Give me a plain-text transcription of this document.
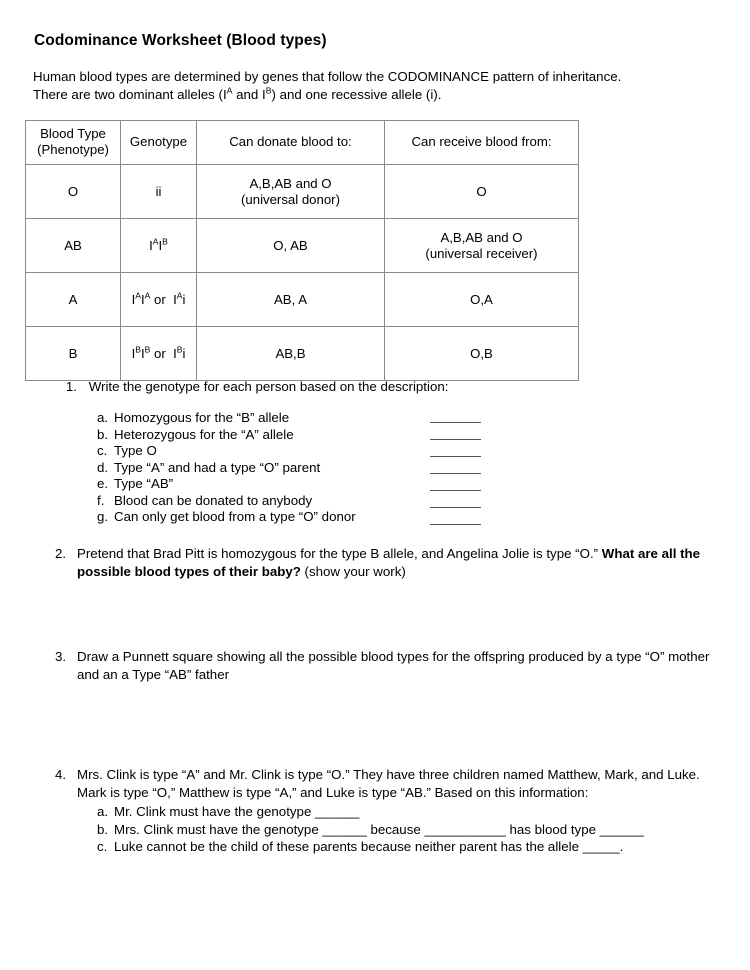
Codominance Worksheet (Blood types)
Human blood types are determined by genes that follow the CODOMINANCE pattern of inheritance.
There are two dominant alleles ($I^A$ and $I^B$) and one recessive allele (i).
Blood Type
(Phenotype)	Genotype	Can donate blood to:	Can receive blood from:
O	ii	A,B,AB and O
(universal donor)	O
AB	$I^AI^B$	O, AB	A,B,AB and O
(universal receiver)
A	$I^AI^A$ or  $I^Ai$	AB, A	O,A
B	$I^BI^B$ or  $I^Bi$	AB,B	O,B
1. Write the genotype for each person based on the description:
a. Homozygous for the “B” allele
b. Heterozygous for the “A” allele
c. Type O
d. Type “A” and had a type “O” parent
e. Type “AB”
f. Blood can be donated to anybody
g. Can only get blood from a type “O” donor
2. Pretend that Brad Pitt is homozygous for the type B allele, and Angelina Jolie is type “O.” What are all the possible blood types of their baby? (show your work)
3. Draw a Punnett square showing all the possible blood types for the offspring produced by a type “O” mother and an a Type “AB” father
4. Mrs. Clink is type “A” and Mr. Clink is type “O.” They have three children named Matthew, Mark, and Luke. Mark is type “O,” Matthew is type “A,” and Luke is type “AB.” Based on this information:
a. Mr. Clink must have the genotype ______
b. Mrs. Clink must have the genotype ______ because ___________ has blood type ______
c. Luke cannot be the child of these parents because neither parent has the allele _____.
